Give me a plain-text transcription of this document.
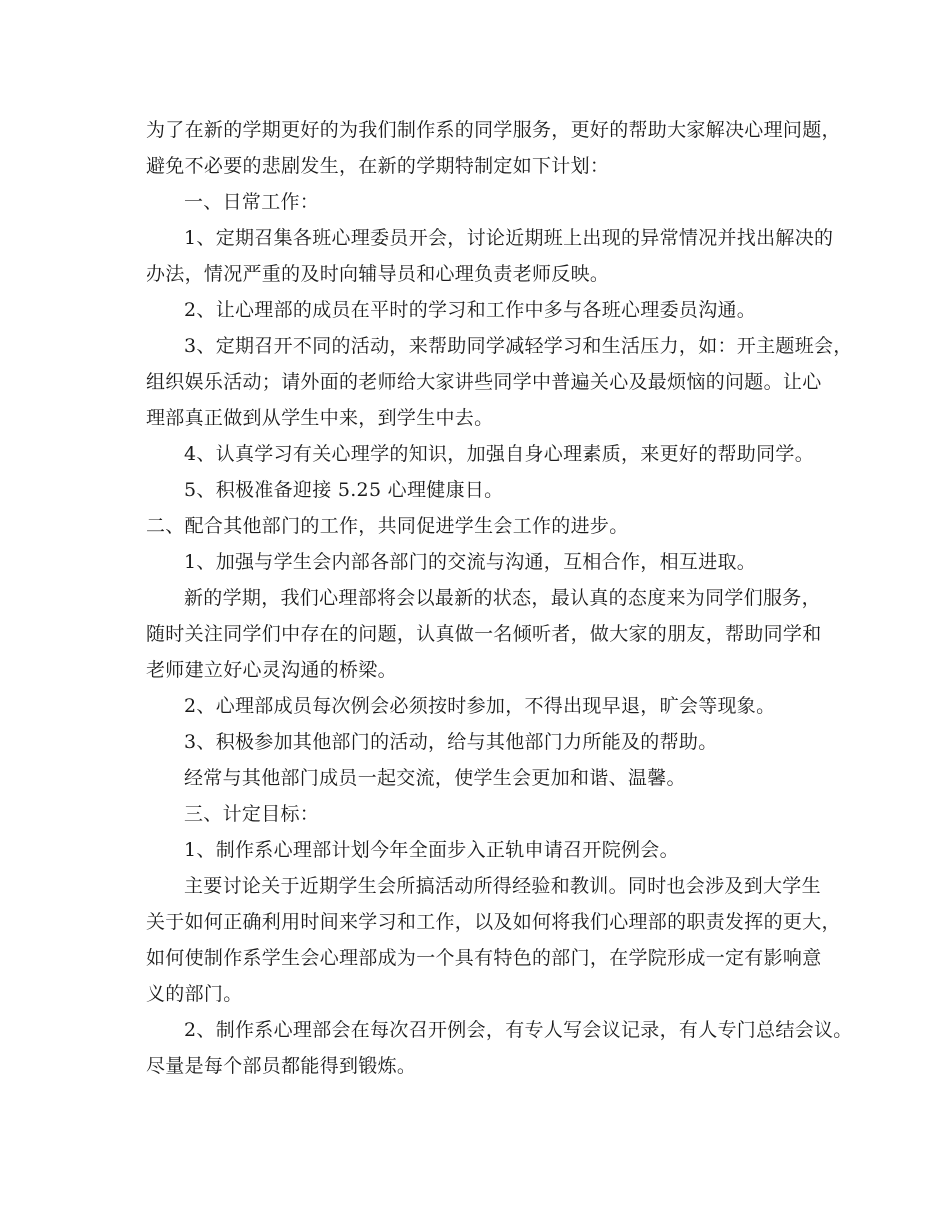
为了在新的学期更好的为我们制作系的同学服务，更好的帮助大家解决心理问题，
避免不必要的悲剧发生，在新的学期特制定如下计划：
一、日常工作：
1、定期召集各班心理委员开会，讨论近期班上出现的异常情况并找出解决的
办法，情况严重的及时向辅导员和心理负责老师反映。
2、让心理部的成员在平时的学习和工作中多与各班心理委员沟通。
3、定期召开不同的活动，来帮助同学减轻学习和生活压力，如：开主题班会，
组织娱乐活动；请外面的老师给大家讲些同学中普遍关心及最烦恼的问题。让心
理部真正做到从学生中来，到学生中去。
4、认真学习有关心理学的知识，加强自身心理素质，来更好的帮助同学。
5、积极准备迎接 5.25 心理健康日。
二、配合其他部门的工作，共同促进学生会工作的进步。
1、加强与学生会内部各部门的交流与沟通，互相合作，相互进取。
新的学期，我们心理部将会以最新的状态，最认真的态度来为同学们服务，
随时关注同学们中存在的问题，认真做一名倾听者，做大家的朋友，帮助同学和
老师建立好心灵沟通的桥梁。
2、心理部成员每次例会必须按时参加，不得出现早退，旷会等现象。
3、积极参加其他部门的活动，给与其他部门力所能及的帮助。
经常与其他部门成员一起交流，使学生会更加和谐、温馨。
三、计定目标：
1、制作系心理部计划今年全面步入正轨申请召开院例会。
主要讨论关于近期学生会所搞活动所得经验和教训。同时也会涉及到大学生
关于如何正确利用时间来学习和工作，以及如何将我们心理部的职责发挥的更大，
如何使制作系学生会心理部成为一个具有特色的部门，在学院形成一定有影响意
义的部门。
2、制作系心理部会在每次召开例会，有专人写会议记录，有人专门总结会议。
尽量是每个部员都能得到锻炼。
